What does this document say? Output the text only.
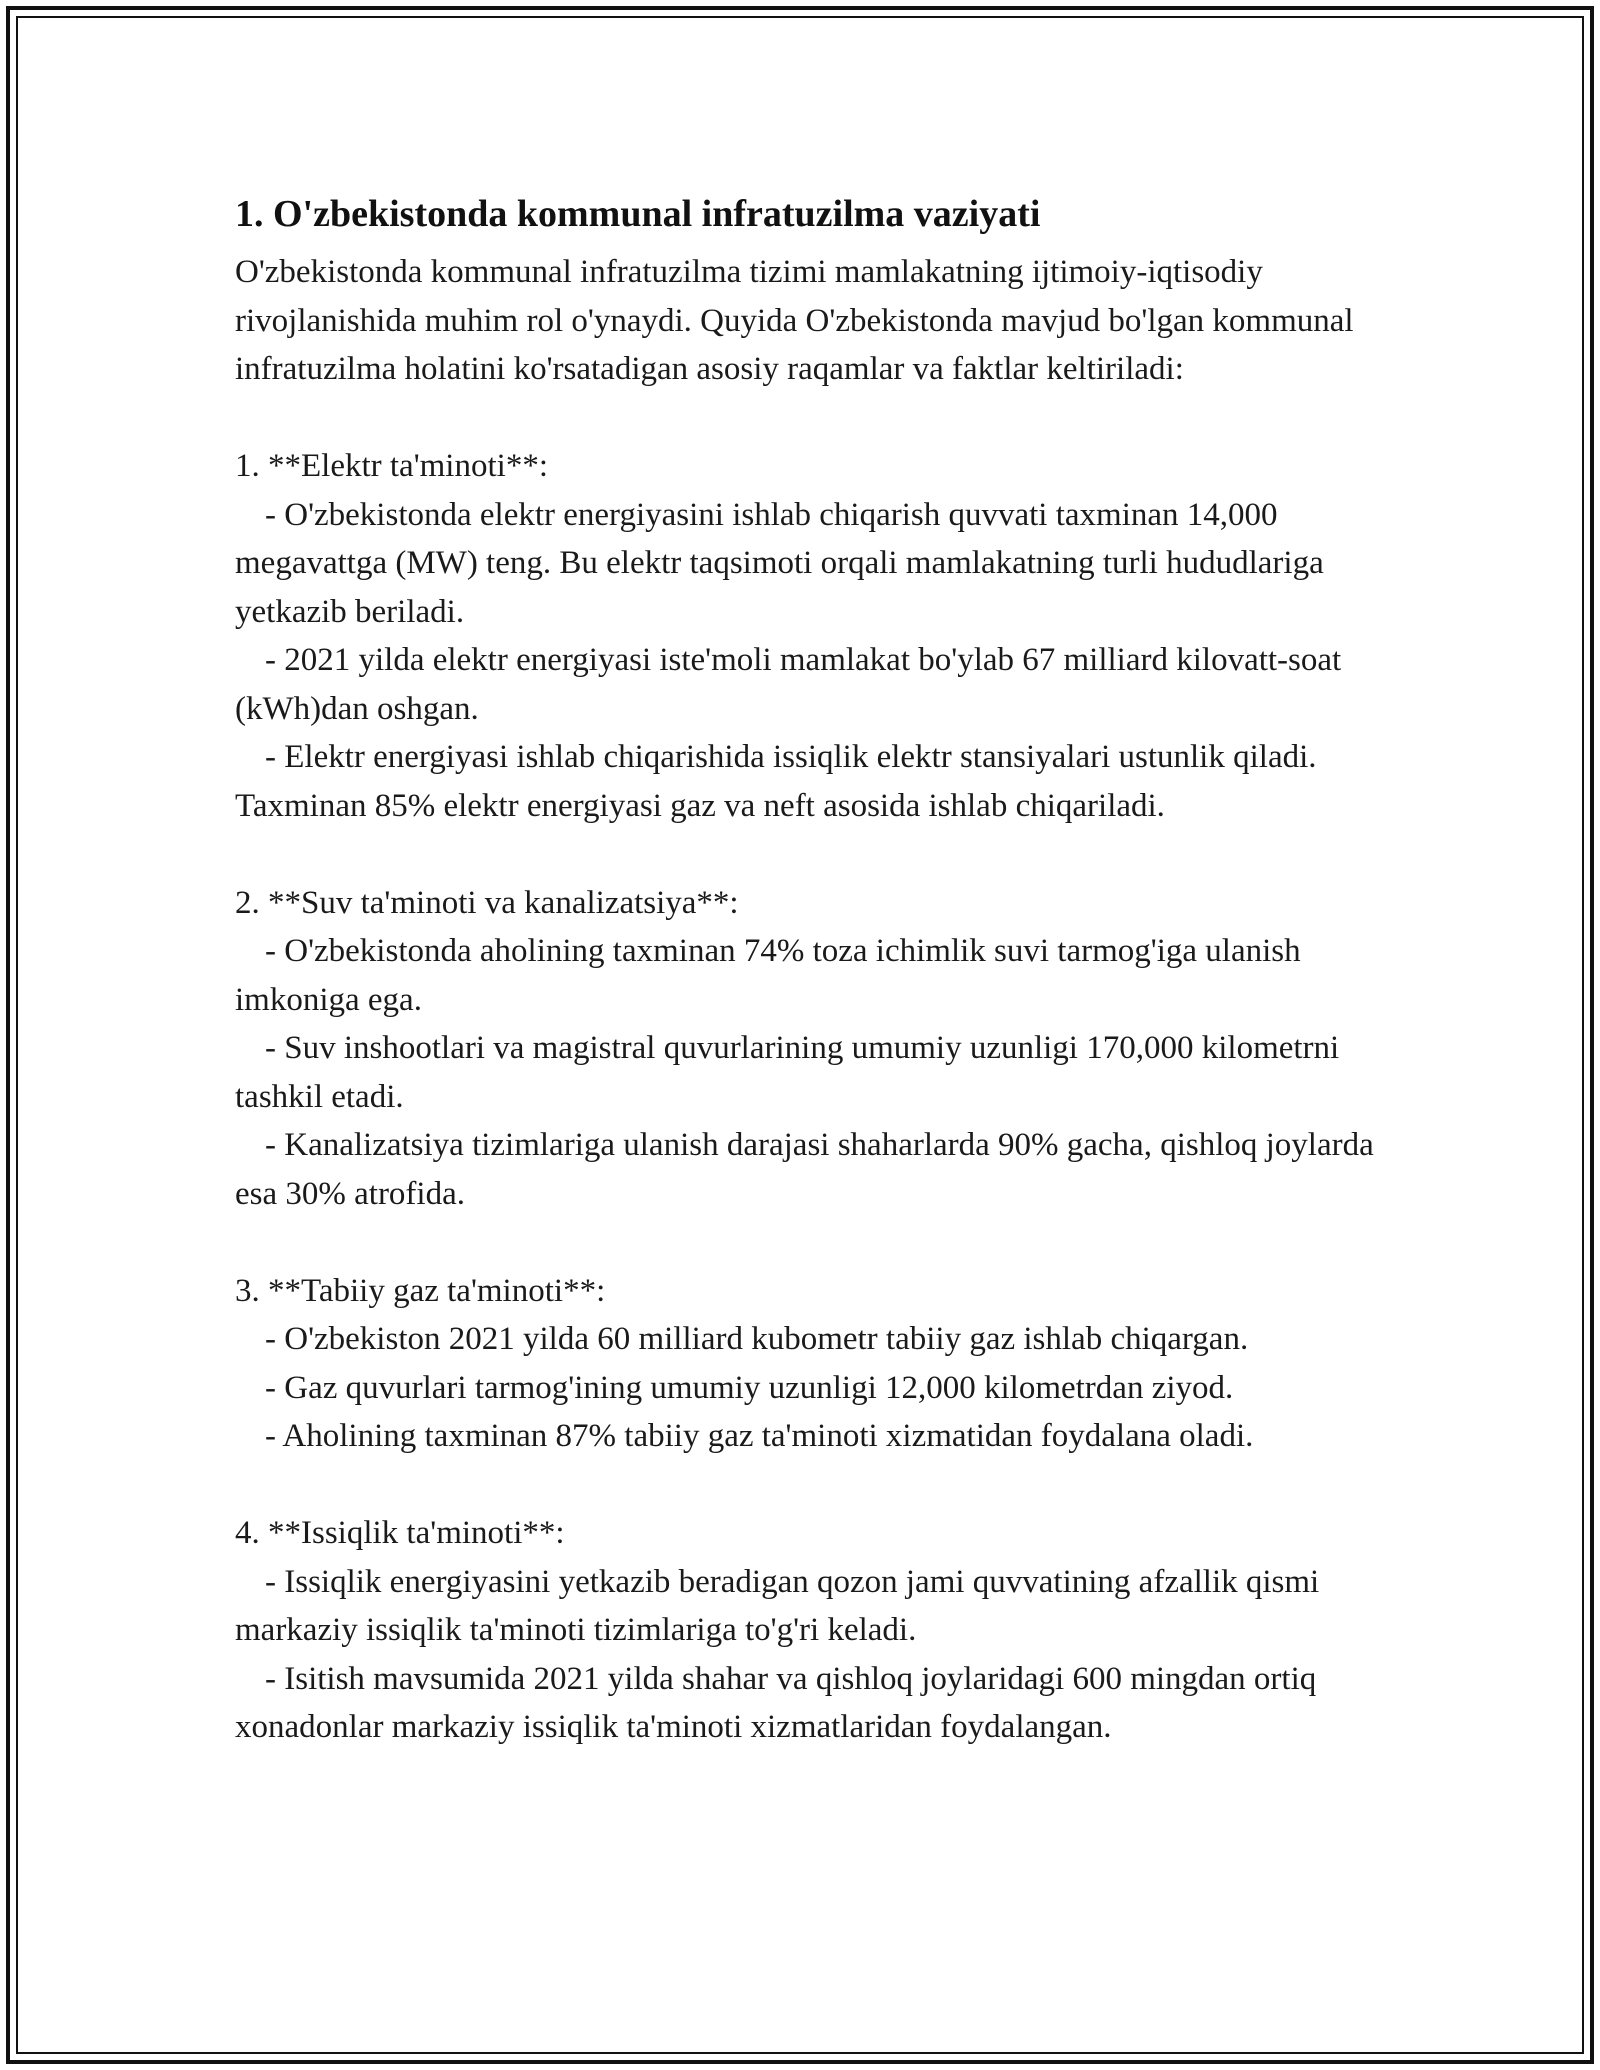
1. O'zbekistonda kommunal infratuzilma vaziyati

O'zbekistonda kommunal infratuzilma tizimi mamlakatning ijtimoiy-iqtisodiy rivojlanishida muhim rol o'ynaydi. Quyida O'zbekistonda mavjud bo'lgan kommunal infratuzilma holatini ko'rsatadigan asosiy raqamlar va faktlar keltiriladi:

1. **Elektr ta'minoti**:

- O'zbekistonda elektr energiyasini ishlab chiqarish quvvati taxminan 14,000 megavattga (MW) teng. Bu elektr taqsimoti orqali mamlakatning turli hududlariga yetkazib beriladi.

- 2021 yilda elektr energiyasi iste'moli mamlakat bo'ylab 67 milliard kilovatt-soat (kWh)dan oshgan.

- Elektr energiyasi ishlab chiqarishida issiqlik elektr stansiyalari ustunlik qiladi. Taxminan 85% elektr energiyasi gaz va neft asosida ishlab chiqariladi.

2. **Suv ta'minoti va kanalizatsiya**:

- O'zbekistonda aholining taxminan 74% toza ichimlik suvi tarmog'iga ulanish imkoniga ega.

- Suv inshootlari va magistral quvurlarining umumiy uzunligi 170,000 kilometrni tashkil etadi.

- Kanalizatsiya tizimlariga ulanish darajasi shaharlarda 90% gacha, qishloq joylarda esa 30% atrofida.

3. **Tabiiy gaz ta'minoti**:

- O'zbekiston 2021 yilda 60 milliard kubometr tabiiy gaz ishlab chiqargan.

- Gaz quvurlari tarmog'ining umumiy uzunligi 12,000 kilometrdan ziyod.

- Aholining taxminan 87% tabiiy gaz ta'minoti xizmatidan foydalana oladi.

4. **Issiqlik ta'minoti**:

- Issiqlik energiyasini yetkazib beradigan qozon jami quvvatining afzallik qismi markaziy issiqlik ta'minoti tizimlariga to'g'ri keladi.

- Isitish mavsumida 2021 yilda shahar va qishloq joylaridagi 600 mingdan ortiq xonadonlar markaziy issiqlik ta'minoti xizmatlaridan foydalangan.
